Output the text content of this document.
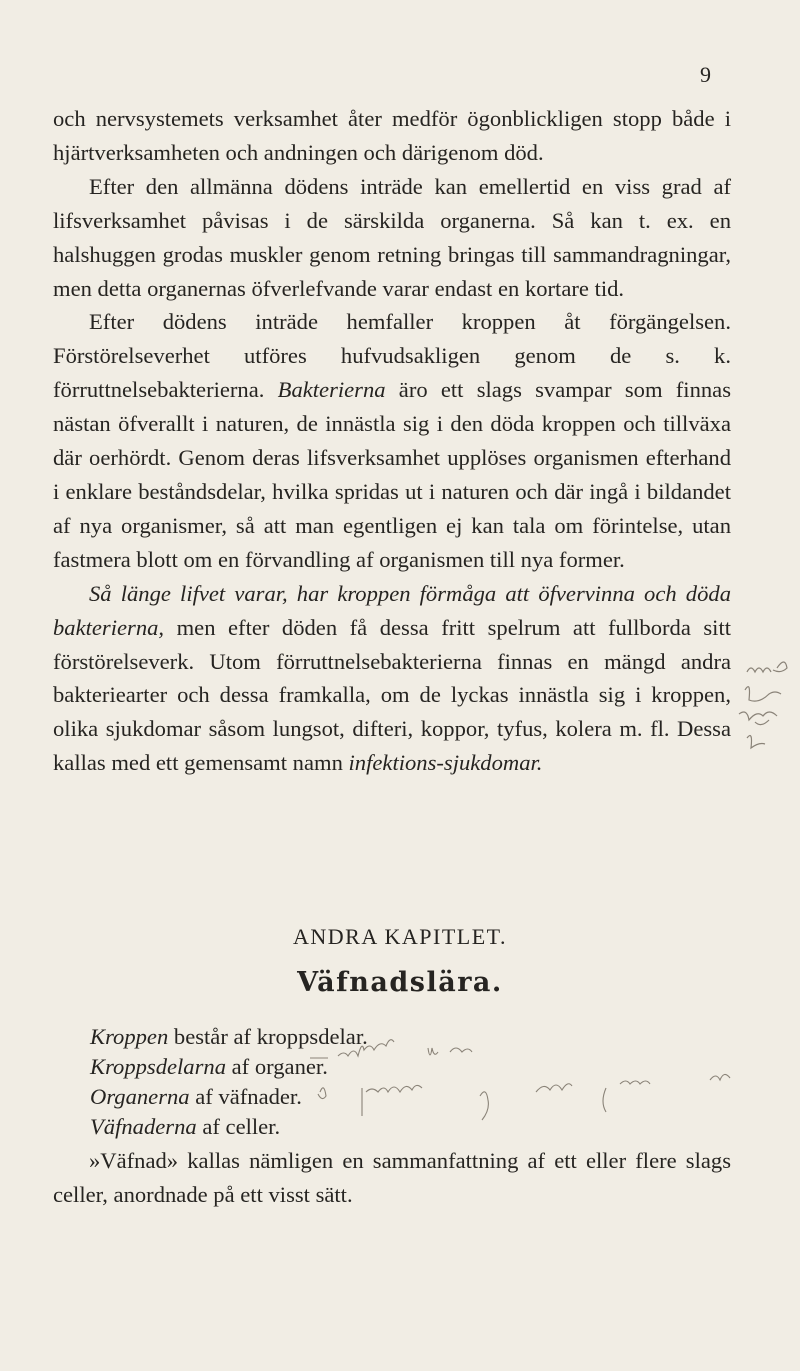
9

och nervsystemets verksamhet åter medför ögonblickligen stopp både i hjärtverksamheten och andningen och därigenom död.

Efter den allmänna dödens inträde kan emellertid en viss grad af lifsverksamhet påvisas i de särskilda organerna. Så kan t. ex. en halshuggen grodas muskler genom retning bringas till sammandragningar, men detta organernas öfverlefvande varar endast en kortare tid.

Efter dödens inträde hemfaller kroppen åt förgängelsen. Förstörelseverhet utföres hufvudsakligen genom de s. k. förruttnelsebakterierna. Bakterierna äro ett slags svampar som finnas nästan öfverallt i naturen, de innästla sig i den döda kroppen och tillväxa där oerhördt. Genom deras lifsverksamhet upplöses organismen efterhand i enklare beståndsdelar, hvilka spridas ut i naturen och där ingå i bildandet af nya organismer, så att man egentligen ej kan tala om förintelse, utan fastmera blott om en förvandling af organismen till nya former.

Så länge lifvet varar, har kroppen förmåga att öfvervinna och döda bakterierna, men efter döden få dessa fritt spelrum att fullborda sitt förstörelseverk. Utom förruttnelsebakterierna finnas en mängd andra bakteriearter och dessa framkalla, om de lyckas innästla sig i kroppen, olika sjukdomar såsom lungsot, difteri, koppor, tyfus, kolera m. fl. Dessa kallas med ett gemensamt namn infektions-sjukdomar.

ANDRA KAPITLET.
Väfnadslära.
Kroppen består af kroppsdelar.
Kroppsdelarna af organer.
Organerna af väfnader.
Väfnaderna af celler.

»Väfnad» kallas nämligen en sammanfattning af ett eller flere slags celler, anordnade på ett visst sätt.
